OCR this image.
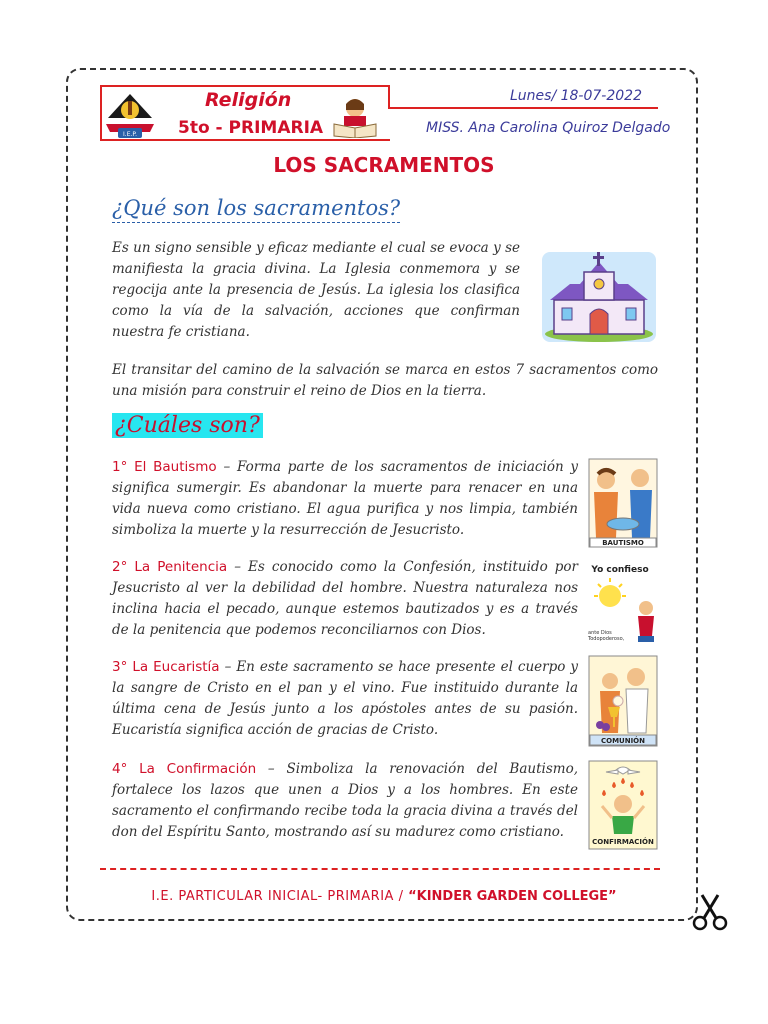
I.E.P.
Religión
5to - PRIMARIA
Lunes/ 18-07-2022
MISS. Ana Carolina Quiroz Delgado
LOS SACRAMENTOS
¿Qué son los sacramentos?
Es un signo sensible y eficaz mediante el cual se evoca y se manifiesta la gracia divina. La Iglesia conmemora y se regocija ante la presencia de Jesús. La iglesia los clasifica como la vía de la salvación, acciones que confirman nuestra fe cristiana.
El transitar del camino de la salvación se marca en estos 7 sacramentos como una misión para construir el reino de Dios en la tierra.
¿Cuáles son?
1° El Bautismo – Forma parte de los sacramentos de iniciación y significa sumergir. Es abandonar la muerte para renacer en una vida nueva como cristiano. El agua purifica y nos limpia, también simboliza la muerte y la resurrección de Jesucristo.
BAUTISMO
2° La Penitencia – Es conocido como la Confesión, instituido por Jesucristo al ver la debilidad del hombre. Nuestra naturaleza nos inclina hacia el pecado, aunque estemos bautizados y es a través de la penitencia que podemos reconciliarnos con Dios.
Yo confieso
ante Dios
Todopoderoso,
3° La Eucaristía – En este sacramento se hace presente el cuerpo y la sangre de Cristo en el pan y el vino. Fue instituido durante la última cena de Jesús junto a los apóstoles antes de su pasión. Eucaristía significa acción de gracias de Cristo.
COMUNIÓN
4° La Confirmación – Simboliza la renovación del Bautismo, fortalece los lazos que unen a Dios y a los hombres. En este sacramento el confirmando recibe toda la gracia divina a través del don del Espíritu Santo, mostrando así su madurez como cristiano.
CONFIRMACIÓN
I.E. PARTICULAR INICIAL- PRIMARIA / “KINDER GARDEN COLLEGE”
